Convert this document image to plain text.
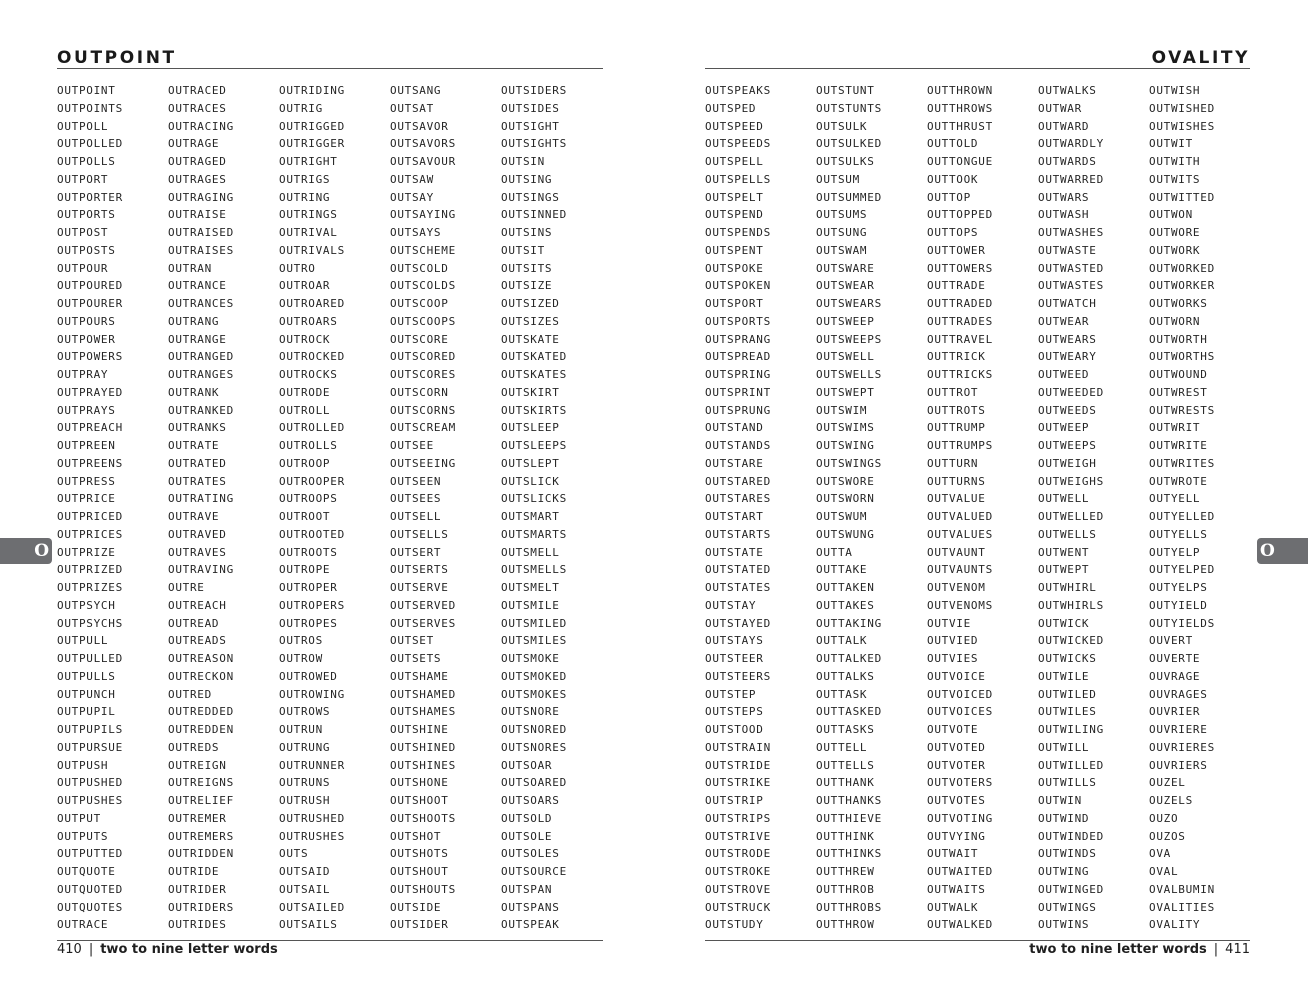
OUTPOINT
OUTPOINT
OUTPOINTS
OUTPOLL
OUTPOLLED
OUTPOLLS
OUTPORT
OUTPORTER
OUTPORTS
OUTPOST
OUTPOSTS
OUTPOUR
OUTPOURED
OUTPOURER
OUTPOURS
OUTPOWER
OUTPOWERS
OUTPRAY
OUTPRAYED
OUTPRAYS
OUTPREACH
OUTPREEN
OUTPREENS
OUTPRESS
OUTPRICE
OUTPRICED
OUTPRICES
OUTPRIZE
OUTPRIZED
OUTPRIZES
OUTPSYCH
OUTPSYCHS
OUTPULL
OUTPULLED
OUTPULLS
OUTPUNCH
OUTPUPIL
OUTPUPILS
OUTPURSUE
OUTPUSH
OUTPUSHED
OUTPUSHES
OUTPUT
OUTPUTS
OUTPUTTED
OUTQUOTE
OUTQUOTED
OUTQUOTES
OUTRACE
OUTRACED
OUTRACES
OUTRACING
OUTRAGE
OUTRAGED
OUTRAGES
OUTRAGING
OUTRAISE
OUTRAISED
OUTRAISES
OUTRAN
OUTRANCE
OUTRANCES
OUTRANG
OUTRANGE
OUTRANGED
OUTRANGES
OUTRANK
OUTRANKED
OUTRANKS
OUTRATE
OUTRATED
OUTRATES
OUTRATING
OUTRAVE
OUTRAVED
OUTRAVES
OUTRAVING
OUTRE
OUTREACH
OUTREAD
OUTREADS
OUTREASON
OUTRECKON
OUTRED
OUTREDDED
OUTREDDEN
OUTREDS
OUTREIGN
OUTREIGNS
OUTRELIEF
OUTREMER
OUTREMERS
OUTRIDDEN
OUTRIDE
OUTRIDER
OUTRIDERS
OUTRIDES
OUTRIDING
OUTRIG
OUTRIGGED
OUTRIGGER
OUTRIGHT
OUTRIGS
OUTRING
OUTRINGS
OUTRIVAL
OUTRIVALS
OUTRO
OUTROAR
OUTROARED
OUTROARS
OUTROCK
OUTROCKED
OUTROCKS
OUTRODE
OUTROLL
OUTROLLED
OUTROLLS
OUTROOP
OUTROOPER
OUTROOPS
OUTROOT
OUTROOTED
OUTROOTS
OUTROPE
OUTROPER
OUTROPERS
OUTROPES
OUTROS
OUTROW
OUTROWED
OUTROWING
OUTROWS
OUTRUN
OUTRUNG
OUTRUNNER
OUTRUNS
OUTRUSH
OUTRUSHED
OUTRUSHES
OUTS
OUTSAID
OUTSAIL
OUTSAILED
OUTSAILS
OUTSANG
OUTSAT
OUTSAVOR
OUTSAVORS
OUTSAVOUR
OUTSAW
OUTSAY
OUTSAYING
OUTSAYS
OUTSCHEME
OUTSCOLD
OUTSCOLDS
OUTSCOOP
OUTSCOOPS
OUTSCORE
OUTSCORED
OUTSCORES
OUTSCORN
OUTSCORNS
OUTSCREAM
OUTSEE
OUTSEEING
OUTSEEN
OUTSEES
OUTSELL
OUTSELLS
OUTSERT
OUTSERTS
OUTSERVE
OUTSERVED
OUTSERVES
OUTSET
OUTSETS
OUTSHAME
OUTSHAMED
OUTSHAMES
OUTSHINE
OUTSHINED
OUTSHINES
OUTSHONE
OUTSHOOT
OUTSHOOTS
OUTSHOT
OUTSHOTS
OUTSHOUT
OUTSHOUTS
OUTSIDE
OUTSIDER
OUTSIDERS
OUTSIDES
OUTSIGHT
OUTSIGHTS
OUTSIN
OUTSING
OUTSINGS
OUTSINNED
OUTSINS
OUTSIT
OUTSITS
OUTSIZE
OUTSIZED
OUTSIZES
OUTSKATE
OUTSKATED
OUTSKATES
OUTSKIRT
OUTSKIRTS
OUTSLEEP
OUTSLEEPS
OUTSLEPT
OUTSLICK
OUTSLICKS
OUTSMART
OUTSMARTS
OUTSMELL
OUTSMELLS
OUTSMELT
OUTSMILE
OUTSMILED
OUTSMILES
OUTSMOKE
OUTSMOKED
OUTSMOKES
OUTSNORE
OUTSNORED
OUTSNORES
OUTSOAR
OUTSOARED
OUTSOARS
OUTSOLD
OUTSOLE
OUTSOLES
OUTSOURCE
OUTSPAN
OUTSPANS
OUTSPEAK
410 | two to nine letter words
O
OVALITY
OUTSPEAKS
OUTSPED
OUTSPEED
OUTSPEEDS
OUTSPELL
OUTSPELLS
OUTSPELT
OUTSPEND
OUTSPENDS
OUTSPENT
OUTSPOKE
OUTSPOKEN
OUTSPORT
OUTSPORTS
OUTSPRANG
OUTSPREAD
OUTSPRING
OUTSPRINT
OUTSPRUNG
OUTSTAND
OUTSTANDS
OUTSTARE
OUTSTARED
OUTSTARES
OUTSTART
OUTSTARTS
OUTSTATE
OUTSTATED
OUTSTATES
OUTSTAY
OUTSTAYED
OUTSTAYS
OUTSTEER
OUTSTEERS
OUTSTEP
OUTSTEPS
OUTSTOOD
OUTSTRAIN
OUTSTRIDE
OUTSTRIKE
OUTSTRIP
OUTSTRIPS
OUTSTRIVE
OUTSTRODE
OUTSTROKE
OUTSTROVE
OUTSTRUCK
OUTSTUDY
OUTSTUNT
OUTSTUNTS
OUTSULK
OUTSULKED
OUTSULKS
OUTSUM
OUTSUMMED
OUTSUMS
OUTSUNG
OUTSWAM
OUTSWARE
OUTSWEAR
OUTSWEARS
OUTSWEEP
OUTSWEEPS
OUTSWELL
OUTSWELLS
OUTSWEPT
OUTSWIM
OUTSWIMS
OUTSWING
OUTSWINGS
OUTSWORE
OUTSWORN
OUTSWUM
OUTSWUNG
OUTTA
OUTTAKE
OUTTAKEN
OUTTAKES
OUTTAKING
OUTTALK
OUTTALKED
OUTTALKS
OUTTASK
OUTTASKED
OUTTASKS
OUTTELL
OUTTELLS
OUTTHANK
OUTTHANKS
OUTTHIEVE
OUTTHINK
OUTTHINKS
OUTTHREW
OUTTHROB
OUTTHROBS
OUTTHROW
OUTTHROWN
OUTTHROWS
OUTTHRUST
OUTTOLD
OUTTONGUE
OUTTOOK
OUTTOP
OUTTOPPED
OUTTOPS
OUTTOWER
OUTTOWERS
OUTTRADE
OUTTRADED
OUTTRADES
OUTTRAVEL
OUTTRICK
OUTTRICKS
OUTTROT
OUTTROTS
OUTTRUMP
OUTTRUMPS
OUTTURN
OUTTURNS
OUTVALUE
OUTVALUED
OUTVALUES
OUTVAUNT
OUTVAUNTS
OUTVENOM
OUTVENOMS
OUTVIE
OUTVIED
OUTVIES
OUTVOICE
OUTVOICED
OUTVOICES
OUTVOTE
OUTVOTED
OUTVOTER
OUTVOTERS
OUTVOTES
OUTVOTING
OUTVYING
OUTWAIT
OUTWAITED
OUTWAITS
OUTWALK
OUTWALKED
OUTWALKS
OUTWAR
OUTWARD
OUTWARDLY
OUTWARDS
OUTWARRED
OUTWARS
OUTWASH
OUTWASHES
OUTWASTE
OUTWASTED
OUTWASTES
OUTWATCH
OUTWEAR
OUTWEARS
OUTWEARY
OUTWEED
OUTWEEDED
OUTWEEDS
OUTWEEP
OUTWEEPS
OUTWEIGH
OUTWEIGHS
OUTWELL
OUTWELLED
OUTWELLS
OUTWENT
OUTWEPT
OUTWHIRL
OUTWHIRLS
OUTWICK
OUTWICKED
OUTWICKS
OUTWILE
OUTWILED
OUTWILES
OUTWILING
OUTWILL
OUTWILLED
OUTWILLS
OUTWIN
OUTWIND
OUTWINDED
OUTWINDS
OUTWING
OUTWINGED
OUTWINGS
OUTWINS
OUTWISH
OUTWISHED
OUTWISHES
OUTWIT
OUTWITH
OUTWITS
OUTWITTED
OUTWON
OUTWORE
OUTWORK
OUTWORKED
OUTWORKER
OUTWORKS
OUTWORN
OUTWORTH
OUTWORTHS
OUTWOUND
OUTWREST
OUTWRESTS
OUTWRIT
OUTWRITE
OUTWRITES
OUTWROTE
OUTYELL
OUTYELLED
OUTYELLS
OUTYELP
OUTYELPED
OUTYELPS
OUTYIELD
OUTYIELDS
OUVERT
OUVERTE
OUVRAGE
OUVRAGES
OUVRIER
OUVRIERE
OUVRIERES
OUVRIERS
OUZEL
OUZELS
OUZO
OUZOS
OVA
OVAL
OVALBUMIN
OVALITIES
OVALITY
two to nine letter words | 411
O
